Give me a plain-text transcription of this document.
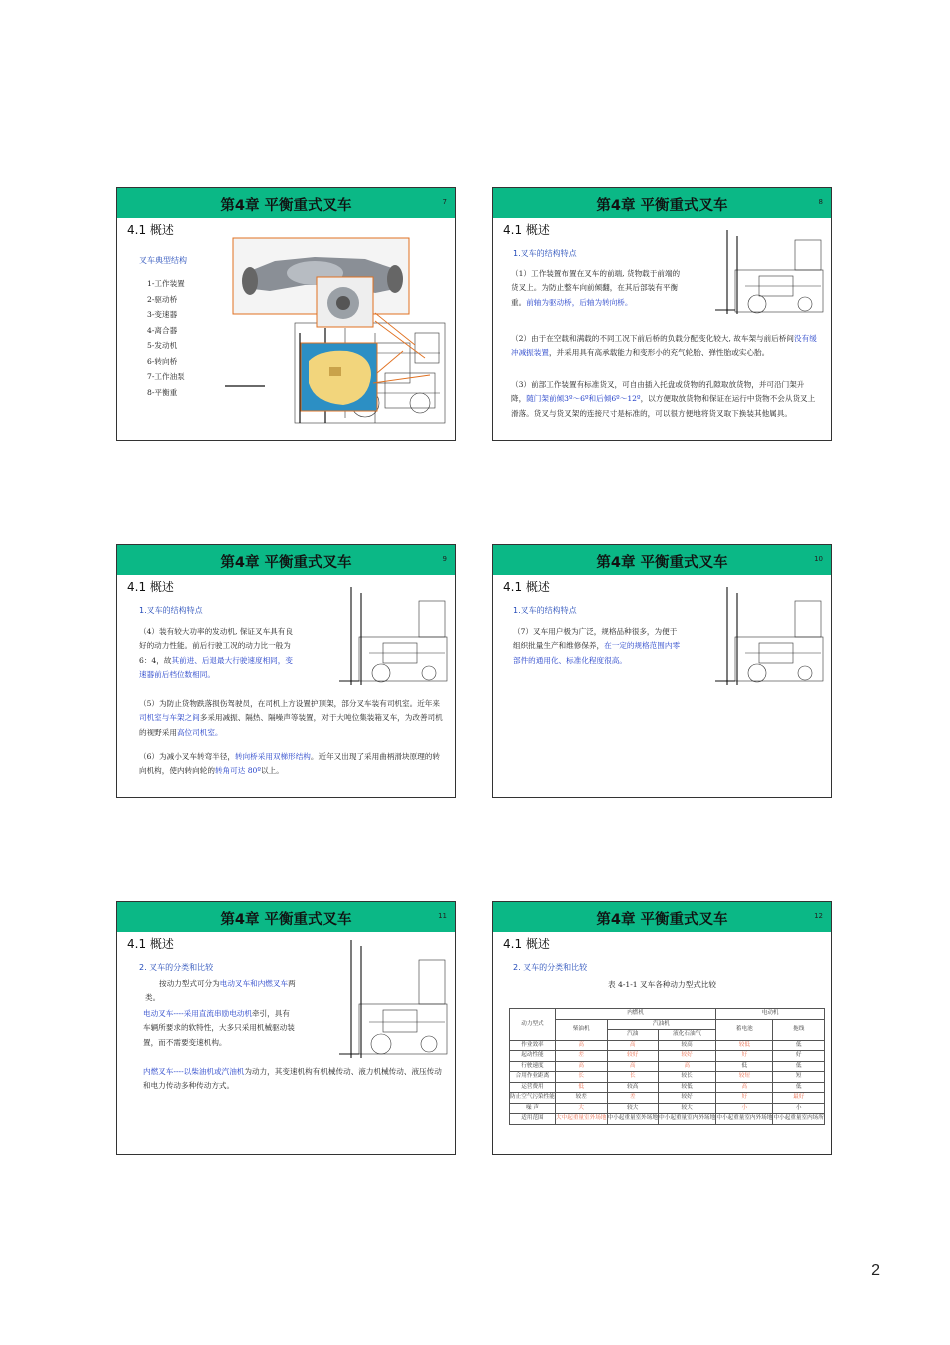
第4章 平衡重式叉车	7
4.1 概述
叉车典型结构
1-工作装置
2-驱动桥
3-变速器
4-离合器
5-发动机
6-转向桥
7-工作油泵
8-平衡重
第4章 平衡重式叉车	8
4.1 概述
1.叉车的结构特点
（1）工作装置布置在叉车的前端, 货物载于前端的货叉上。为防止整车向前倾翻，在其后部装有平衡重。前轴为驱动桥，后轴为转向桥。
（2）由于在空载和满载的不同工况下前后桥的负载分配变化较大, 故车架与前后桥间没有缓冲减振装置，并采用具有高承载能力和变形小的充气轮胎、弹性胎或实心胎。
（3）前部工作装置有标准货叉，可自由插入托盘或货物的孔隙取放货物，并可沿门架升降，随门架前倾3º～6º和后倾6º～12º，以方便取放货物和保证在运行中货物不会从货叉上滑落。货叉与货叉架的连接尺寸是标准的，可以很方便地将货叉取下换装其他属具。
第4章 平衡重式叉车	9
4.1 概述
1.叉车的结构特点
（4）装有较大功率的发动机, 保证叉车具有良好的动力性能。前后行驶工况的动力比一般为6：4，故其前进、后退最大行驶速度相同，变速器前后档位数相同。
（5）为防止货物跌落损伤驾驶员，在司机上方设置护顶架，部分叉车装有司机室。近年来司机室与车架之间多采用减振、隔热、隔噪声等装置，对于大吨位集装箱叉车，为改善司机的视野采用高位司机室。
（6）为减小叉车转弯半径，转向桥采用双梯形结构。近年又出现了采用曲柄滑块原理的转向机构，使内转向轮的转角可达 80º以上。
第4章 平衡重式叉车	10
4.1 概述
1.叉车的结构特点
（7）叉车用户极为广泛，规格品种很多，为便于组织批量生产和维修保养，在一定的规格范围内零部件的通用化、标准化程度很高。
第4章 平衡重式叉车	11
4.1 概述
2. 叉车的分类和比较
按动力型式可分为电动叉车和内燃叉车两类。
电动叉车----采用直流串励电动机牵引，具有车辆所要求的软特性，大多只采用机械驱动装置，而不需要变速机构。
内燃叉车----以柴油机或汽油机为动力，其变速机构有机械传动、液力机械传动、液压传动和电力传动多种传动方式。
第4章 平衡重式叉车	12
4.1 概述
2. 叉车的分类和比较
表 4-1-1 叉车各种动力型式比较
动力型式	内燃机			电动机	
	柴油机	汽油机		蓄电池	拖线
		汽油	液化石油气		
作业效率	高	高	较高	较低	低
起动性能	差	较好	较好	好	好
行驶速度	高	高	高	低	低
合用作业距离	长	长	较长	较短	短
运营费用	低	较高	较低	高	低
防止空气污染性能	较差	差	较好	好	最好
噪 声	大	较大	较大	小	小
适用范围	大中起重量室外场地	中小起重量室外场地	中小起重量室内外场地	中小起重量室内外场地	中小起重量室内场所
2
